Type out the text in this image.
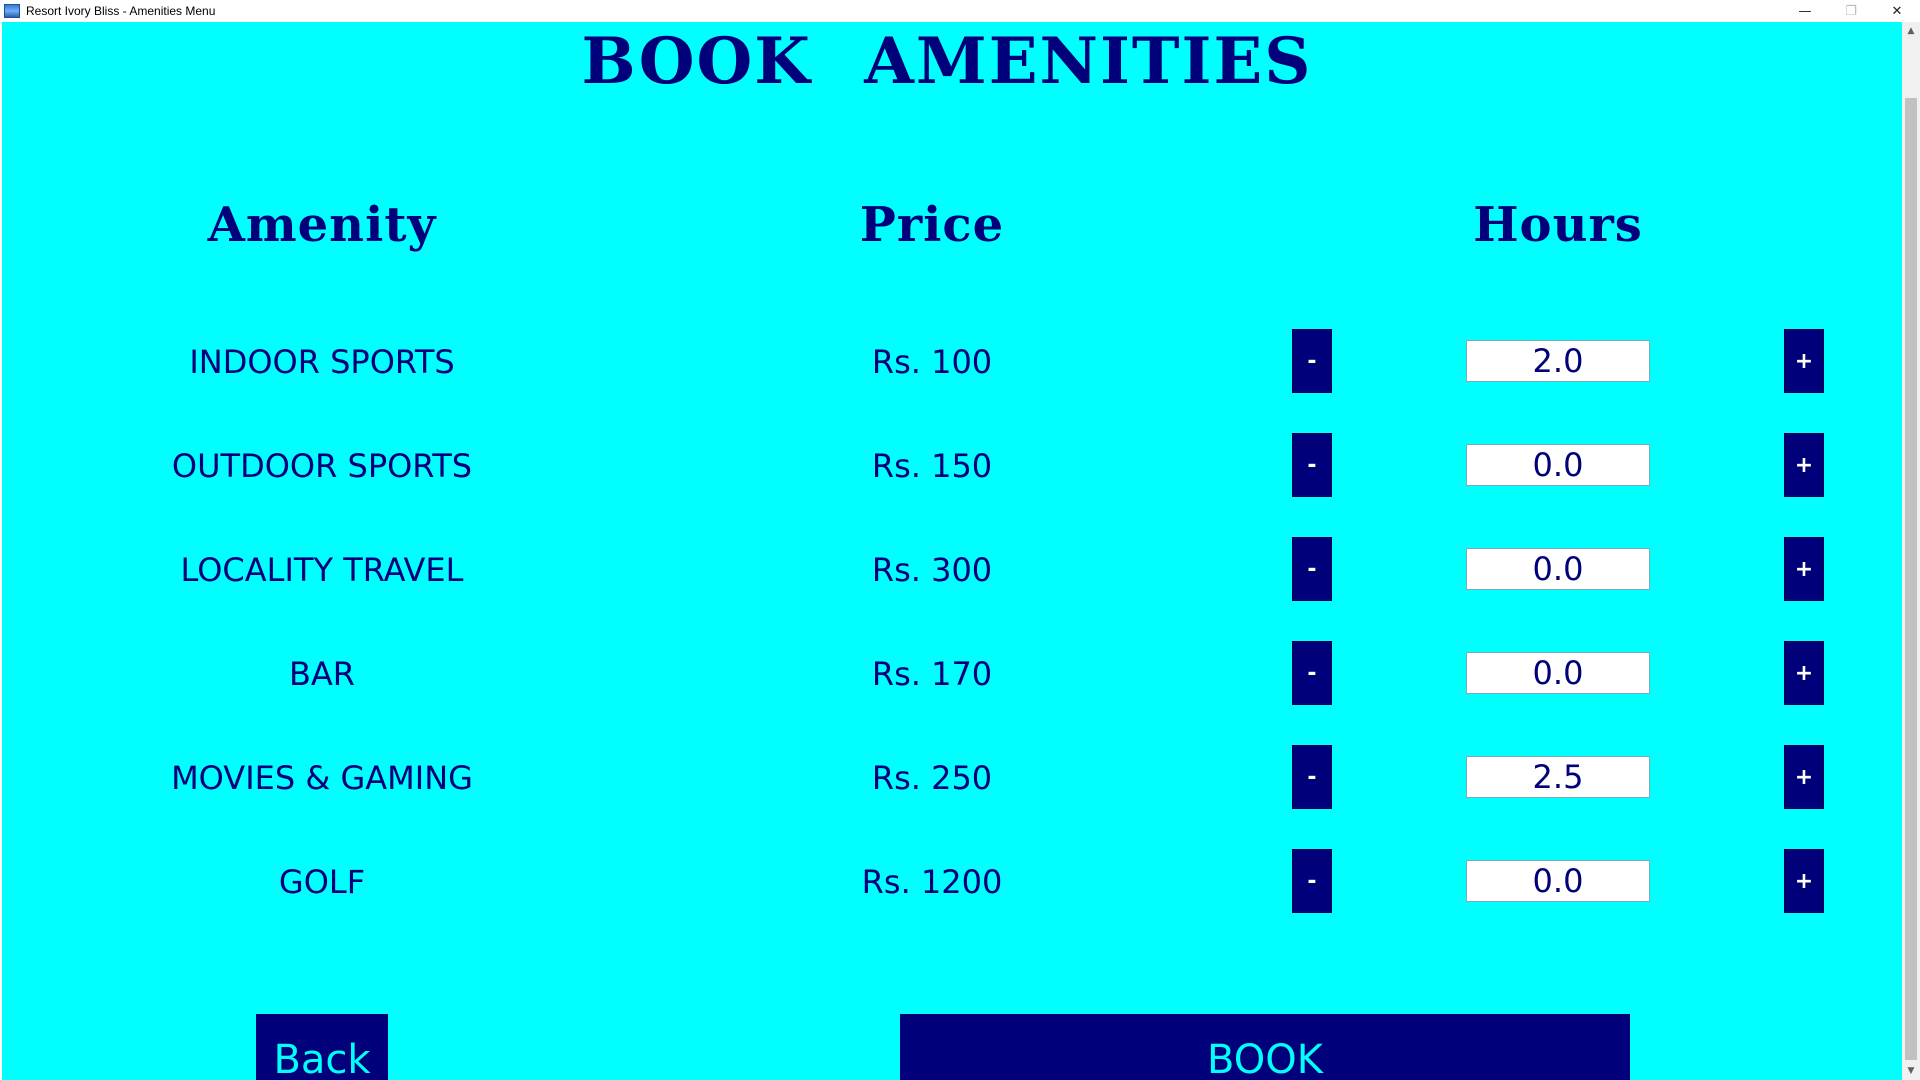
Resort Ivory Bliss - Amenities Menu	—	❐	✕
BOOK AMENITIES
Amenity	Price	Hours
INDOOR SPORTS	Rs. 100	-	2.0	+
OUTDOOR SPORTS	Rs. 150	-	0.0	+
LOCALITY TRAVEL	Rs. 300	-	0.0	+
BAR	Rs. 170	-	0.0	+
MOVIES & GAMING	Rs. 250	-	2.5	+
GOLF	Rs. 1200	-	0.0	+
Back	BOOK
▲
▼
